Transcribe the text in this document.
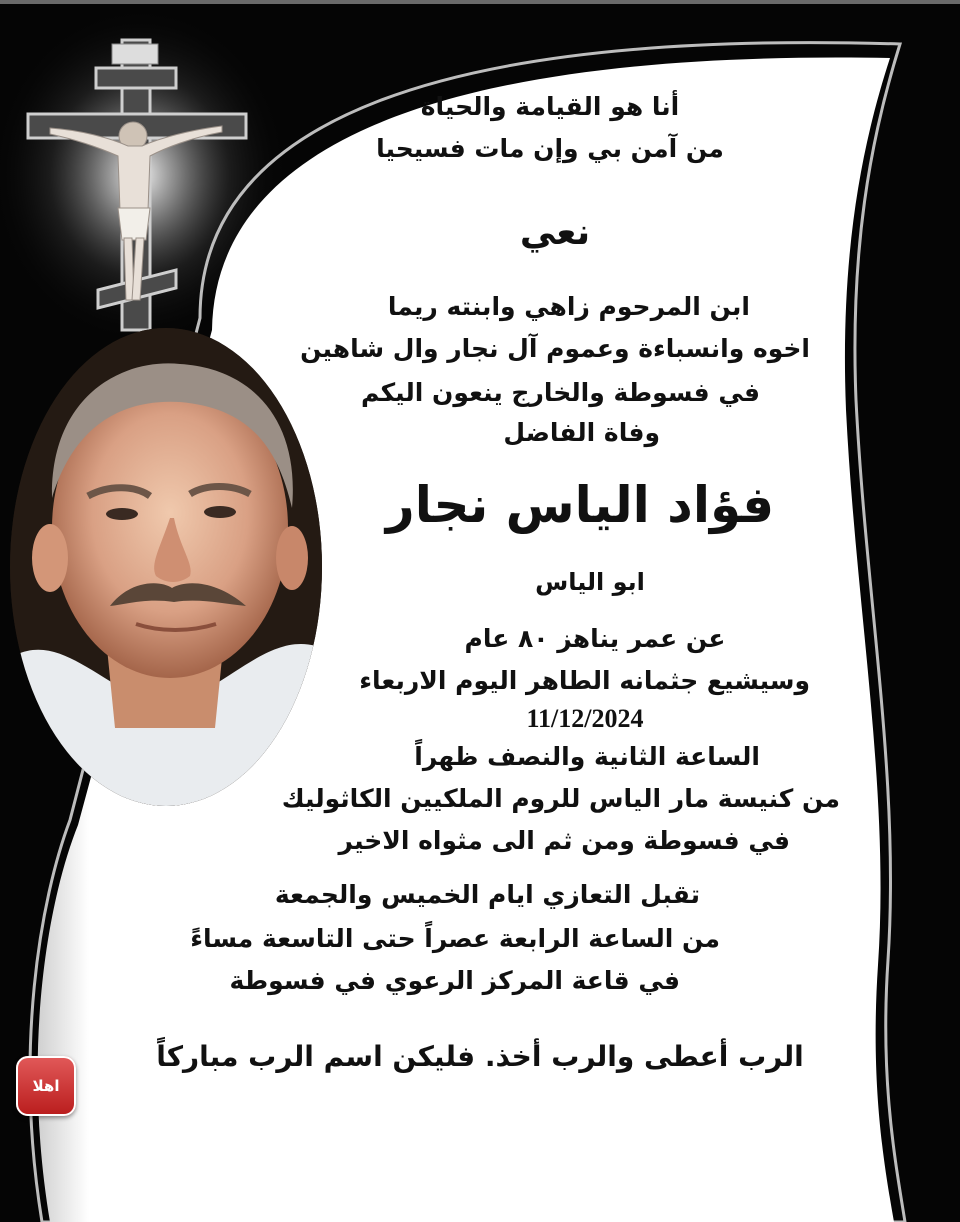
أنا هو القيامة والحياة
من آمن بي وإن مات فسيحيا
نعي
ابن المرحوم زاهي وابنته ريما
اخوه وانسباءة وعموم آل نجار وال شاهين
في فسوطة والخارج ينعون اليكم
وفاة الفاضل
فؤاد الياس نجار
ابو الياس
عن عمر يناهز ٨٠ عام
وسيشيع جثمانه الطاهر اليوم الاربعاء
11/12/2024
الساعة الثانية والنصف ظهراً
من كنيسة مار الياس للروم الملكيين الكاثوليك
في فسوطة ومن ثم الى مثواه الاخير
تقبل التعازي ايام الخميس والجمعة
من الساعة الرابعة عصراً حتى التاسعة مساءً
في قاعة المركز الرعوي في فسوطة
الرب أعطى والرب أخذ. فليكن اسم الرب مباركاً
اهلا
